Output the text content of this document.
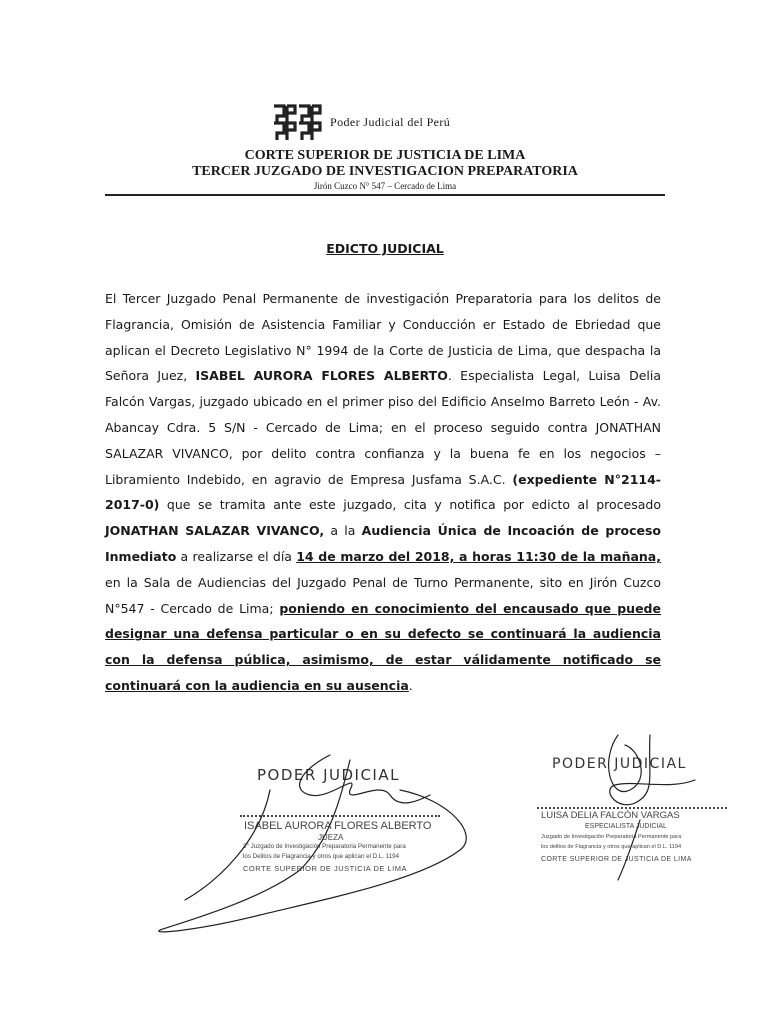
Poder Judicial del Perú
CORTE SUPERIOR DE JUSTICIA DE LIMA
TERCER JUZGADO DE INVESTIGACION PREPARATORIA
Jirón Cuzco N° 547 – Cercado de Lima
EDICTO JUDICIAL
El Tercer Juzgado Penal Permanente de investigación Preparatoria para los delitos de Flagrancia, Omisión de Asistencia Familiar y Conducción er Estado de Ebriedad que aplican el Decreto Legislativo N° 1994 de la Corte de Justicia de Lima, que despacha la Señora Juez, ISABEL AURORA FLORES ALBERTO. Especialista Legal, Luisa Delia Falcón Vargas, juzgado ubicado en el primer piso del Edificio Anselmo Barreto León - Av. Abancay Cdra. 5 S/N - Cercado de Lima; en el proceso seguido contra JONATHAN SALAZAR VIVANCO, por delito contra confianza y la buena fe en los negocios – Libramiento Indebido, en agravio de Empresa Jusfama S.A.C. (expediente N°2114-2017-0) que se tramita ante este juzgado, cita y notifica por edicto al procesado JONATHAN SALAZAR VIVANCO, a la Audiencia Única de Incoación de proceso Inmediato a realizarse el día 14 de marzo del 2018, a horas 11:30 de la mañana, en la Sala de Audiencias del Juzgado Penal de Turno Permanente, sito en Jirón Cuzco N°547 - Cercado de Lima; poniendo en conocimiento del encausado que puede designar una defensa particular o en su defecto se continuará la audiencia con la defensa pública, asimismo, de estar válidamente notificado se continuará con la audiencia en su ausencia.
PODER JUDICIAL
ISABEL AURORA FLORES ALBERTO
JUEZA
3° Juzgado de Investigación Preparatoria Permanente para
los Delitos de Flagrancia y otros que aplican el D.L. 1194
CORTE SUPERIOR DE JUSTICIA DE LIMA
PODER JUDICIAL
LUISA DELIA FALCÓN VARGAS
ESPECIALISTA JUDICIAL
Juzgado de Investigación Preparatoria Permanente para
los delitos de Flagrancia y otros que aplican el D.L. 1194
CORTE SUPERIOR DE JUSTICIA DE LIMA
